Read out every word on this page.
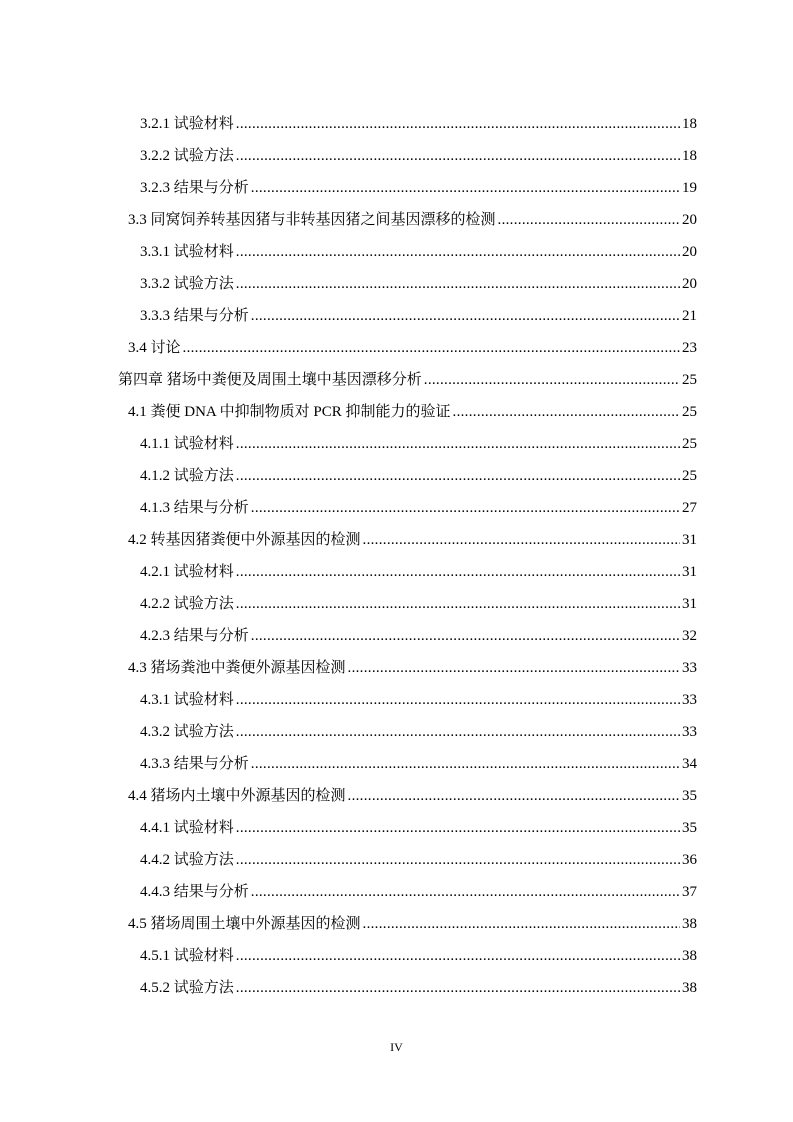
3.2.1 试验材料 .....	18
3.2.2 试验方法 .....	18
3.2.3 结果与分析 .....	19
3.3 同窝饲养转基因猪与非转基因猪之间基因漂移的检测 .....	20
3.3.1 试验材料 .....	20
3.3.2 试验方法 .....	20
3.3.3 结果与分析 .....	21
3.4 讨论 .....	23
第四章 猪场中粪便及周围土壤中基因漂移分析 .....	25
4.1 粪便 DNA 中抑制物质对 PCR 抑制能力的验证 .....	25
4.1.1 试验材料 .....	25
4.1.2 试验方法 .....	25
4.1.3 结果与分析 .....	27
4.2 转基因猪粪便中外源基因的检测 .....	31
4.2.1 试验材料 .....	31
4.2.2 试验方法 .....	31
4.2.3 结果与分析 .....	32
4.3 猪场粪池中粪便外源基因检测 .....	33
4.3.1 试验材料 .....	33
4.3.2 试验方法 .....	33
4.3.3 结果与分析 .....	34
4.4 猪场内土壤中外源基因的检测 .....	35
4.4.1 试验材料 .....	35
4.4.2 试验方法 .....	36
4.4.3 结果与分析 .....	37
4.5 猪场周围土壤中外源基因的检测 .....	38
4.5.1 试验材料 .....	38
4.5.2 试验方法 .....	38
IV
